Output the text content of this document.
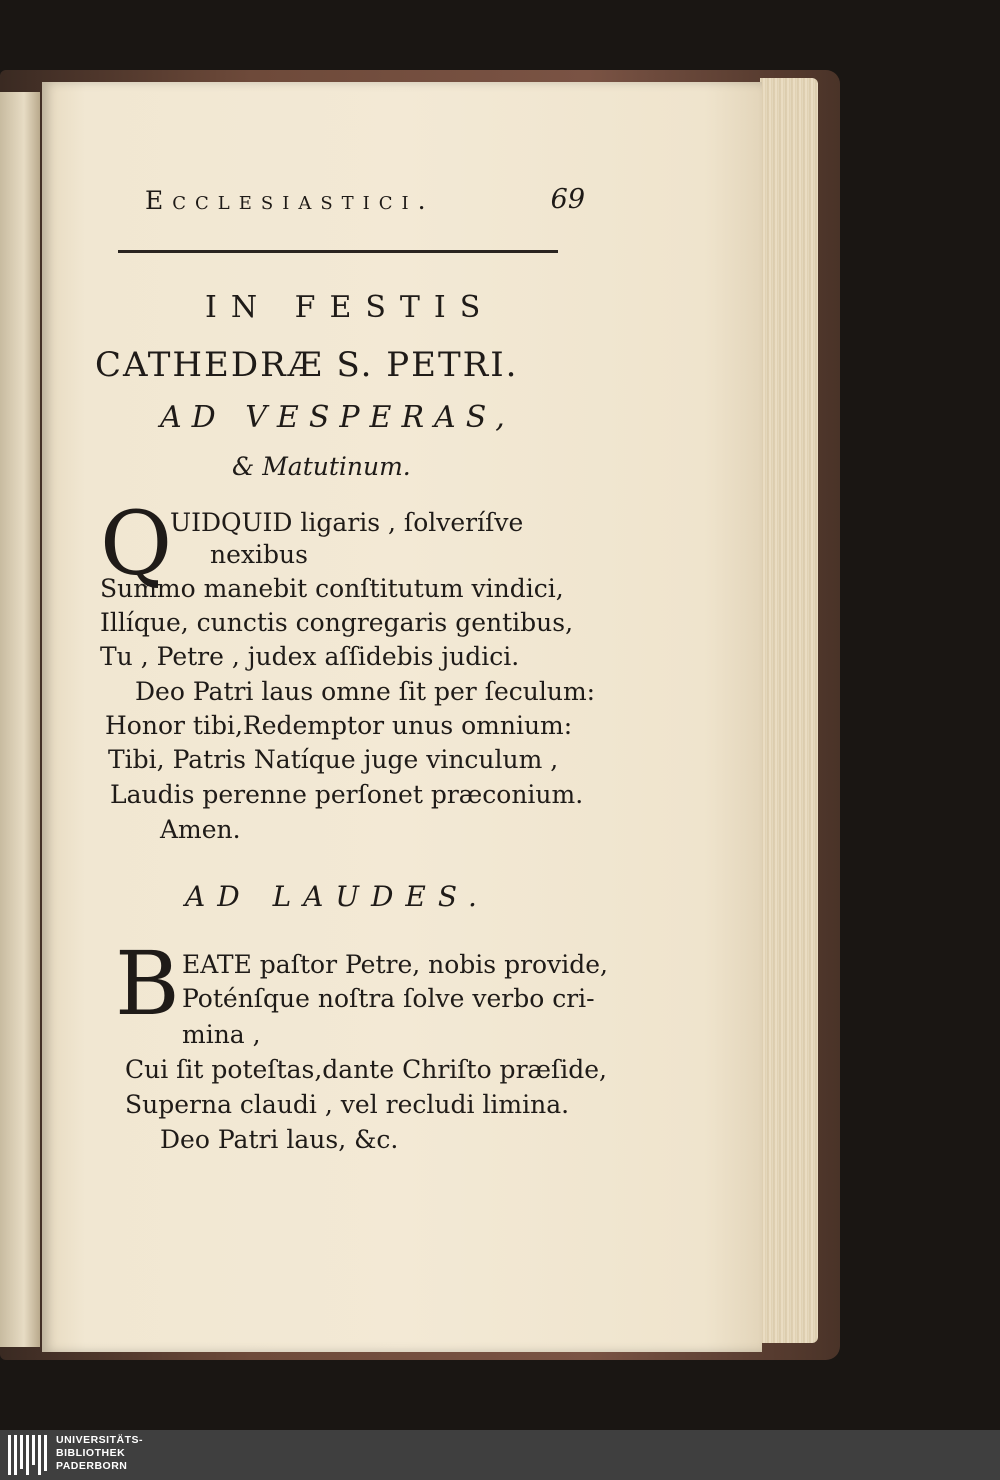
Ecclesiastici.	69
IN FESTIS
CATHEDRÆ S. PETRI.
AD VESPERAS,
& Matutinum.
Q
UIDQUID ligaris , ſolveríſve
nexibus
Summo manebit conſtitutum vindici,
Illíque, cunctis congregaris gentibus,
Tu , Petre , judex aſſidebis judici.
Deo Patri laus omne ſit per ſeculum:
Honor tibi,Redemptor unus omnium:
Tibi, Patris Natíque juge vinculum ,
Laudis perenne perſonet præconium.
Amen.
AD LAUDES.
B EATE paſtor Petre, nobis provide,
Poténſque noſtra ſolve verbo cri-
mina ,
Cui ſit poteſtas,dante Chriſto præſide,
Superna claudi , vel recludi limina.
Deo Patri laus, &c.
UNIVERSITÄTS-
BIBLIOTHEK
PADERBORN
